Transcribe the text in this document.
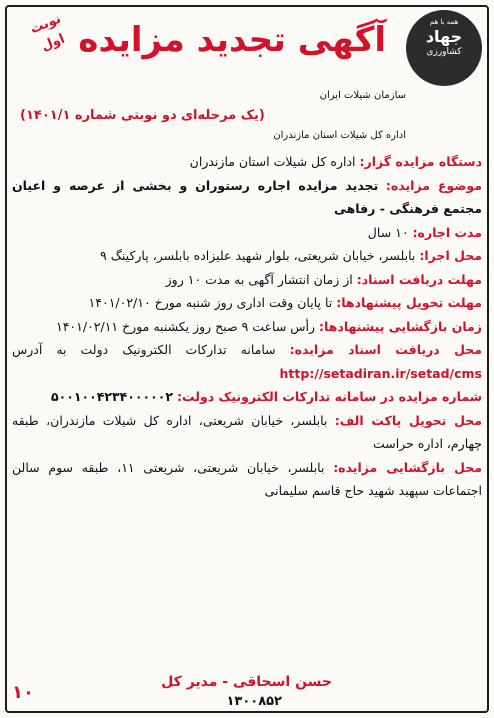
همه با هم
جهاد
کشاورزی
آگهی تجدید مزایده
نوبت
اول
سازمان شیلات ایران
(یک مرحله‌ای دو نوبتی شماره ۱۴۰۱/۱)
اداره کل شیلات استان مازندران

دستگاه مزایده گزار: اداره کل شیلات استان مازندران

موضوع مزایده: تجدید مزایده اجاره رستوران و بخشی از عرصه و اعیان مجتمع فرهنگی - رفاهی

مدت اجاره: ۱۰ سال

محل اجرا: بابلسر، خیابان شریعتی، بلوار شهید علیزاده بابلسر، پارکینگ ۹

مهلت دریافت اسناد: از زمان انتشار آگهی به مدت ۱۰ روز

مهلت تحویل پیشنهادها: تا پایان وقت اداری روز شنبه مورخ ۱۴۰۱/۰۲/۱۰

زمان بازگشایی پیشنهادها: رأس ساعت ۹ صبح روز یکشنبه مورخ ۱۴۰۱/۰۲/۱۱

محل دریافت اسناد مزایده: سامانه تدارکات الکترونیک دولت به آدرس http://setadiran.ir/setad/cms

شماره مزایده در سامانه تدارکات الکترونیک دولت: ۵۰۰۱۰۰۴۲۳۴۰۰۰۰۰۲

محل تحویل پاکت الف: بابلسر، خیابان شریعتی، اداره کل شیلات مازندران، طبقه چهارم، اداره حراست

محل بازگشایی مزایده: بابلسر، خیابان شریعتی، شریعتی ۱۱، طبقه سوم سالن اجتماعات سپهبد شهید حاج قاسم سلیمانی

حسن اسحاقی - مدیر کل
۱۳۰۰۸۵۲
۱۰
